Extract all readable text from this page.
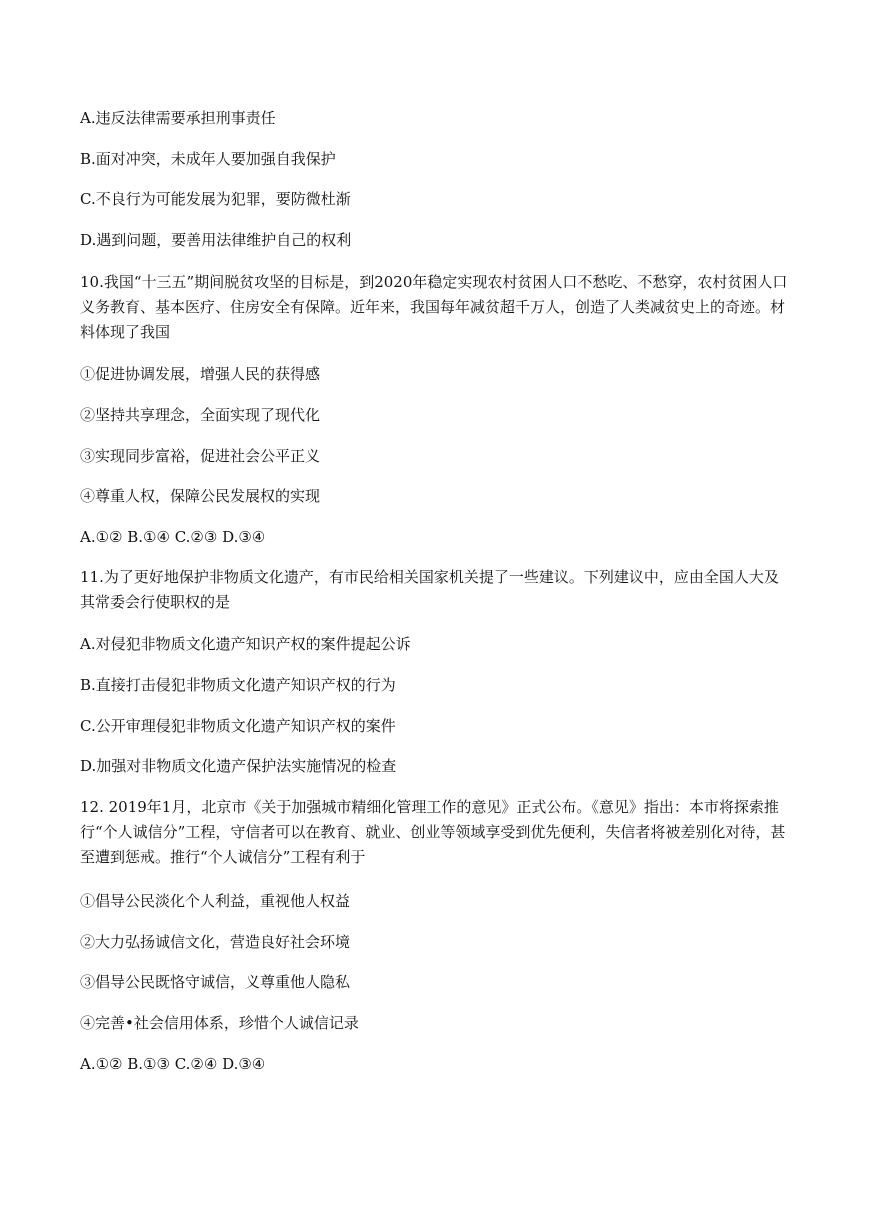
A.违反法律需要承担刑事责任
B.面对冲突，未成年人要加强自我保护
C.不良行为可能发展为犯罪，要防微杜渐
D.遇到问题，要善用法律维护自己的权利
10.我国“十三五”期间脱贫攻坚的目标是，到2020年稳定实现农村贫困人口不愁吃、不愁穿，农村贫困人口义务教育、基本医疗、住房安全有保障。近年来，我国每年减贫超千万人，创造了人类减贫史上的奇迹。材料体现了我国
①促进协调发展，增强人民的获得感
②坚持共享理念，全面实现了现代化
③实现同步富裕，促进社会公平正义
④尊重人权，保障公民发展权的实现
A.①② B.①④ C.②③ D.③④
11.为了更好地保护非物质文化遗产，有市民给相关国家机关提了一些建议。下列建议中，应由全国人大及其常委会行使职权的是
A.对侵犯非物质文化遗产知识产权的案件提起公诉
B.直接打击侵犯非物质文化遗产知识产权的行为
C.公开审理侵犯非物质文化遗产知识产权的案件
D.加强对非物质文化遗产保护法实施情况的检查
12. 2019年1月，北京市《关于加强城市精细化管理工作的意见》正式公布。《意见》指出：本市将探索推行“个人诚信分”工程，守信者可以在教育、就业、创业等领域享受到优先便利，失信者将被差别化对待，甚至遭到惩戒。推行“个人诚信分”工程有利于
①倡导公民淡化个人利益，重视他人权益
②大力弘扬诚信文化，营造良好社会环境
③倡导公民既恪守诚信，义尊重他人隐私
④完善•社会信用体系，珍惜个人诚信记录
A.①② B.①③ C.②④ D.③④
